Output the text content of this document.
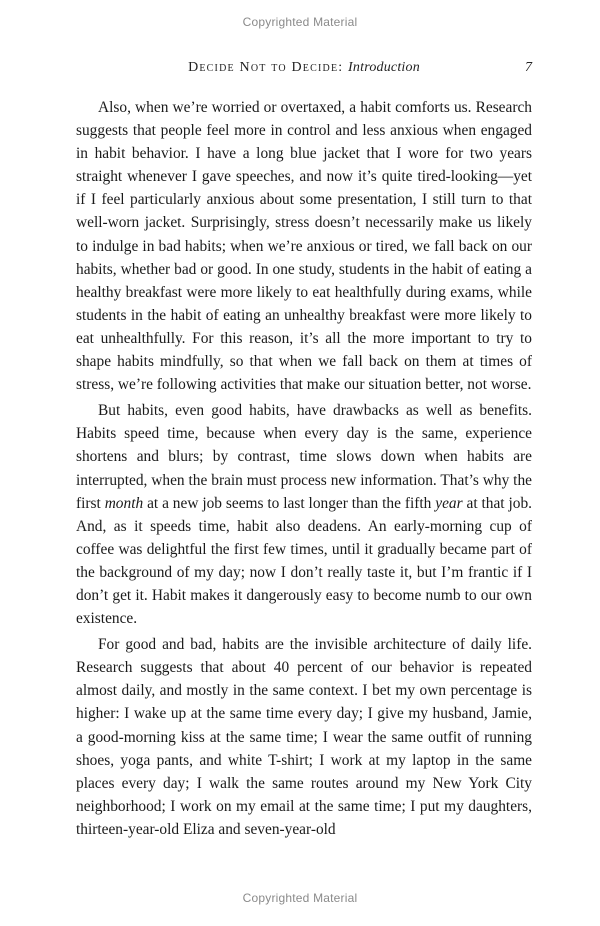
Copyrighted Material
Decide Not to Decide: Introduction	7

Also, when we’re worried or overtaxed, a habit comforts us. Research suggests that people feel more in control and less anxious when engaged in habit behavior. I have a long blue jacket that I wore for two years straight whenever I gave speeches, and now it’s quite tired-looking—yet if I feel particularly anxious about some presentation, I still turn to that well-worn jacket. Surprisingly, stress doesn’t necessarily make us likely to indulge in bad habits; when we’re anxious or tired, we fall back on our habits, whether bad or good. In one study, students in the habit of eating a healthy breakfast were more likely to eat healthfully during exams, while students in the habit of eating an unhealthy breakfast were more likely to eat unhealthfully. For this reason, it’s all the more important to try to shape habits mindfully, so that when we fall back on them at times of stress, we’re following activities that make our situation better, not worse.

But habits, even good habits, have drawbacks as well as benefits. Habits speed time, because when every day is the same, experience shortens and blurs; by contrast, time slows down when habits are interrupted, when the brain must process new information. That’s why the first month at a new job seems to last longer than the fifth year at that job. And, as it speeds time, habit also deadens. An early-morning cup of coffee was delightful the first few times, until it gradually became part of the background of my day; now I don’t really taste it, but I’m frantic if I don’t get it. Habit makes it dangerously easy to become numb to our own existence.

For good and bad, habits are the invisible architecture of daily life. Research suggests that about 40 percent of our behavior is repeated almost daily, and mostly in the same context. I bet my own percentage is higher: I wake up at the same time every day; I give my husband, Jamie, a good-morning kiss at the same time; I wear the same outfit of running shoes, yoga pants, and white T-shirt; I work at my laptop in the same places every day; I walk the same routes around my New York City neighborhood; I work on my email at the same time; I put my daughters, thirteen-year-old Eliza and seven-year-old

Copyrighted Material
